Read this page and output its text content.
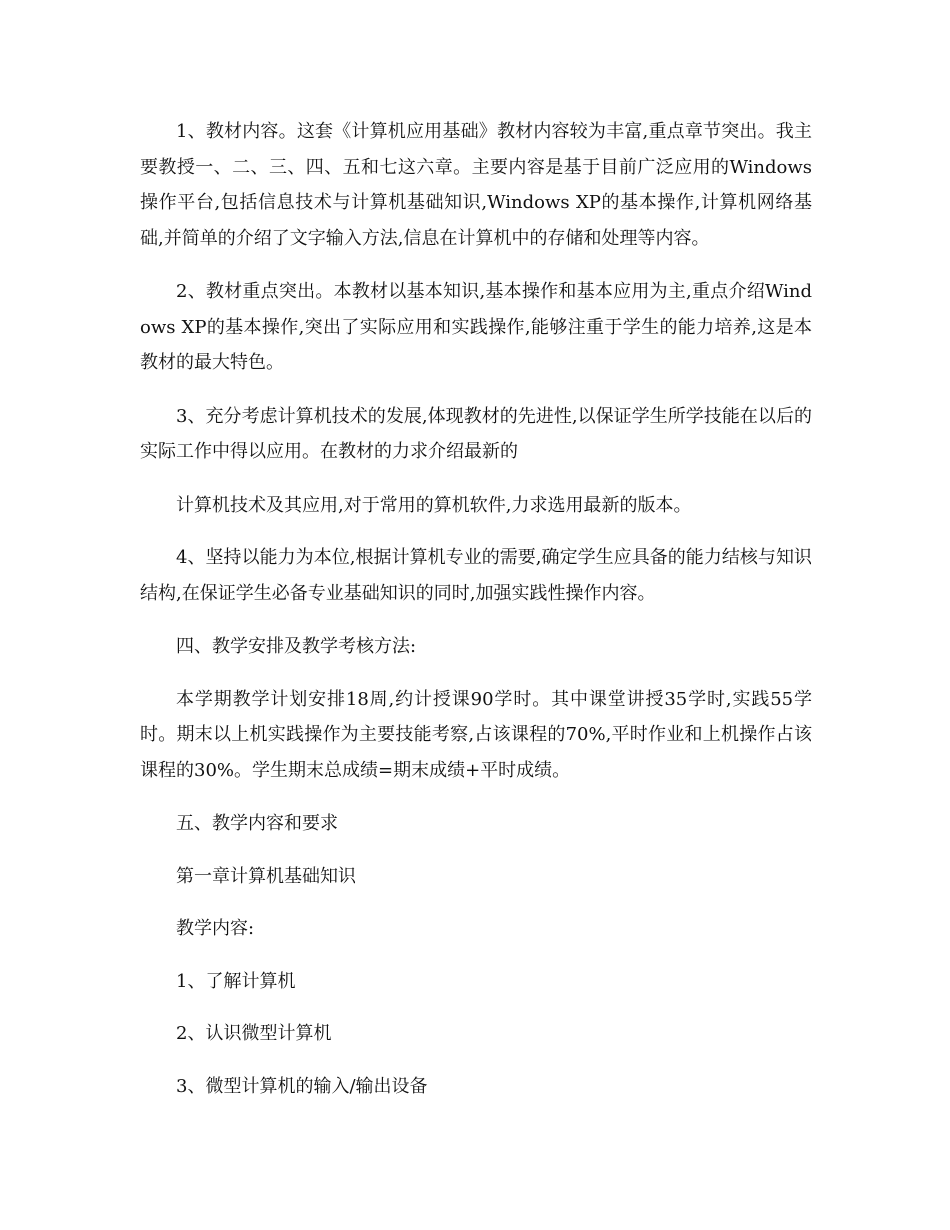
1、教材内容。这套《计算机应用基础》教材内容较为丰富,重点章节突出。我主要教授一、二、三、四、五和七这六章。主要内容是基于目前广泛应用的Windows操作平台,包括信息技术与计算机基础知识,Windows XP的基本操作,计算机网络基础,并简单的介绍了文字输入方法,信息在计算机中的存储和处理等内容。

2、教材重点突出。本教材以基本知识,基本操作和基本应用为主,重点介绍Windows XP的基本操作,突出了实际应用和实践操作,能够注重于学生的能力培养,这是本教材的最大特色。

3、充分考虑计算机技术的发展,体现教材的先进性,以保证学生所学技能在以后的实际工作中得以应用。在教材的力求介绍最新的

计算机技术及其应用,对于常用的算机软件,力求选用最新的版本。

4、坚持以能力为本位,根据计算机专业的需要,确定学生应具备的能力结核与知识结构,在保证学生必备专业基础知识的同时,加强实践性操作内容。

四、教学安排及教学考核方法:

本学期教学计划安排18周,约计授课90学时。其中课堂讲授35学时,实践55学时。期末以上机实践操作为主要技能考察,占该课程的70%,平时作业和上机操作占该课程的30%。学生期末总成绩=期末成绩+平时成绩。

五、教学内容和要求

第一章计算机基础知识

教学内容:

1、了解计算机

2、认识微型计算机

3、微型计算机的输入/输出设备
